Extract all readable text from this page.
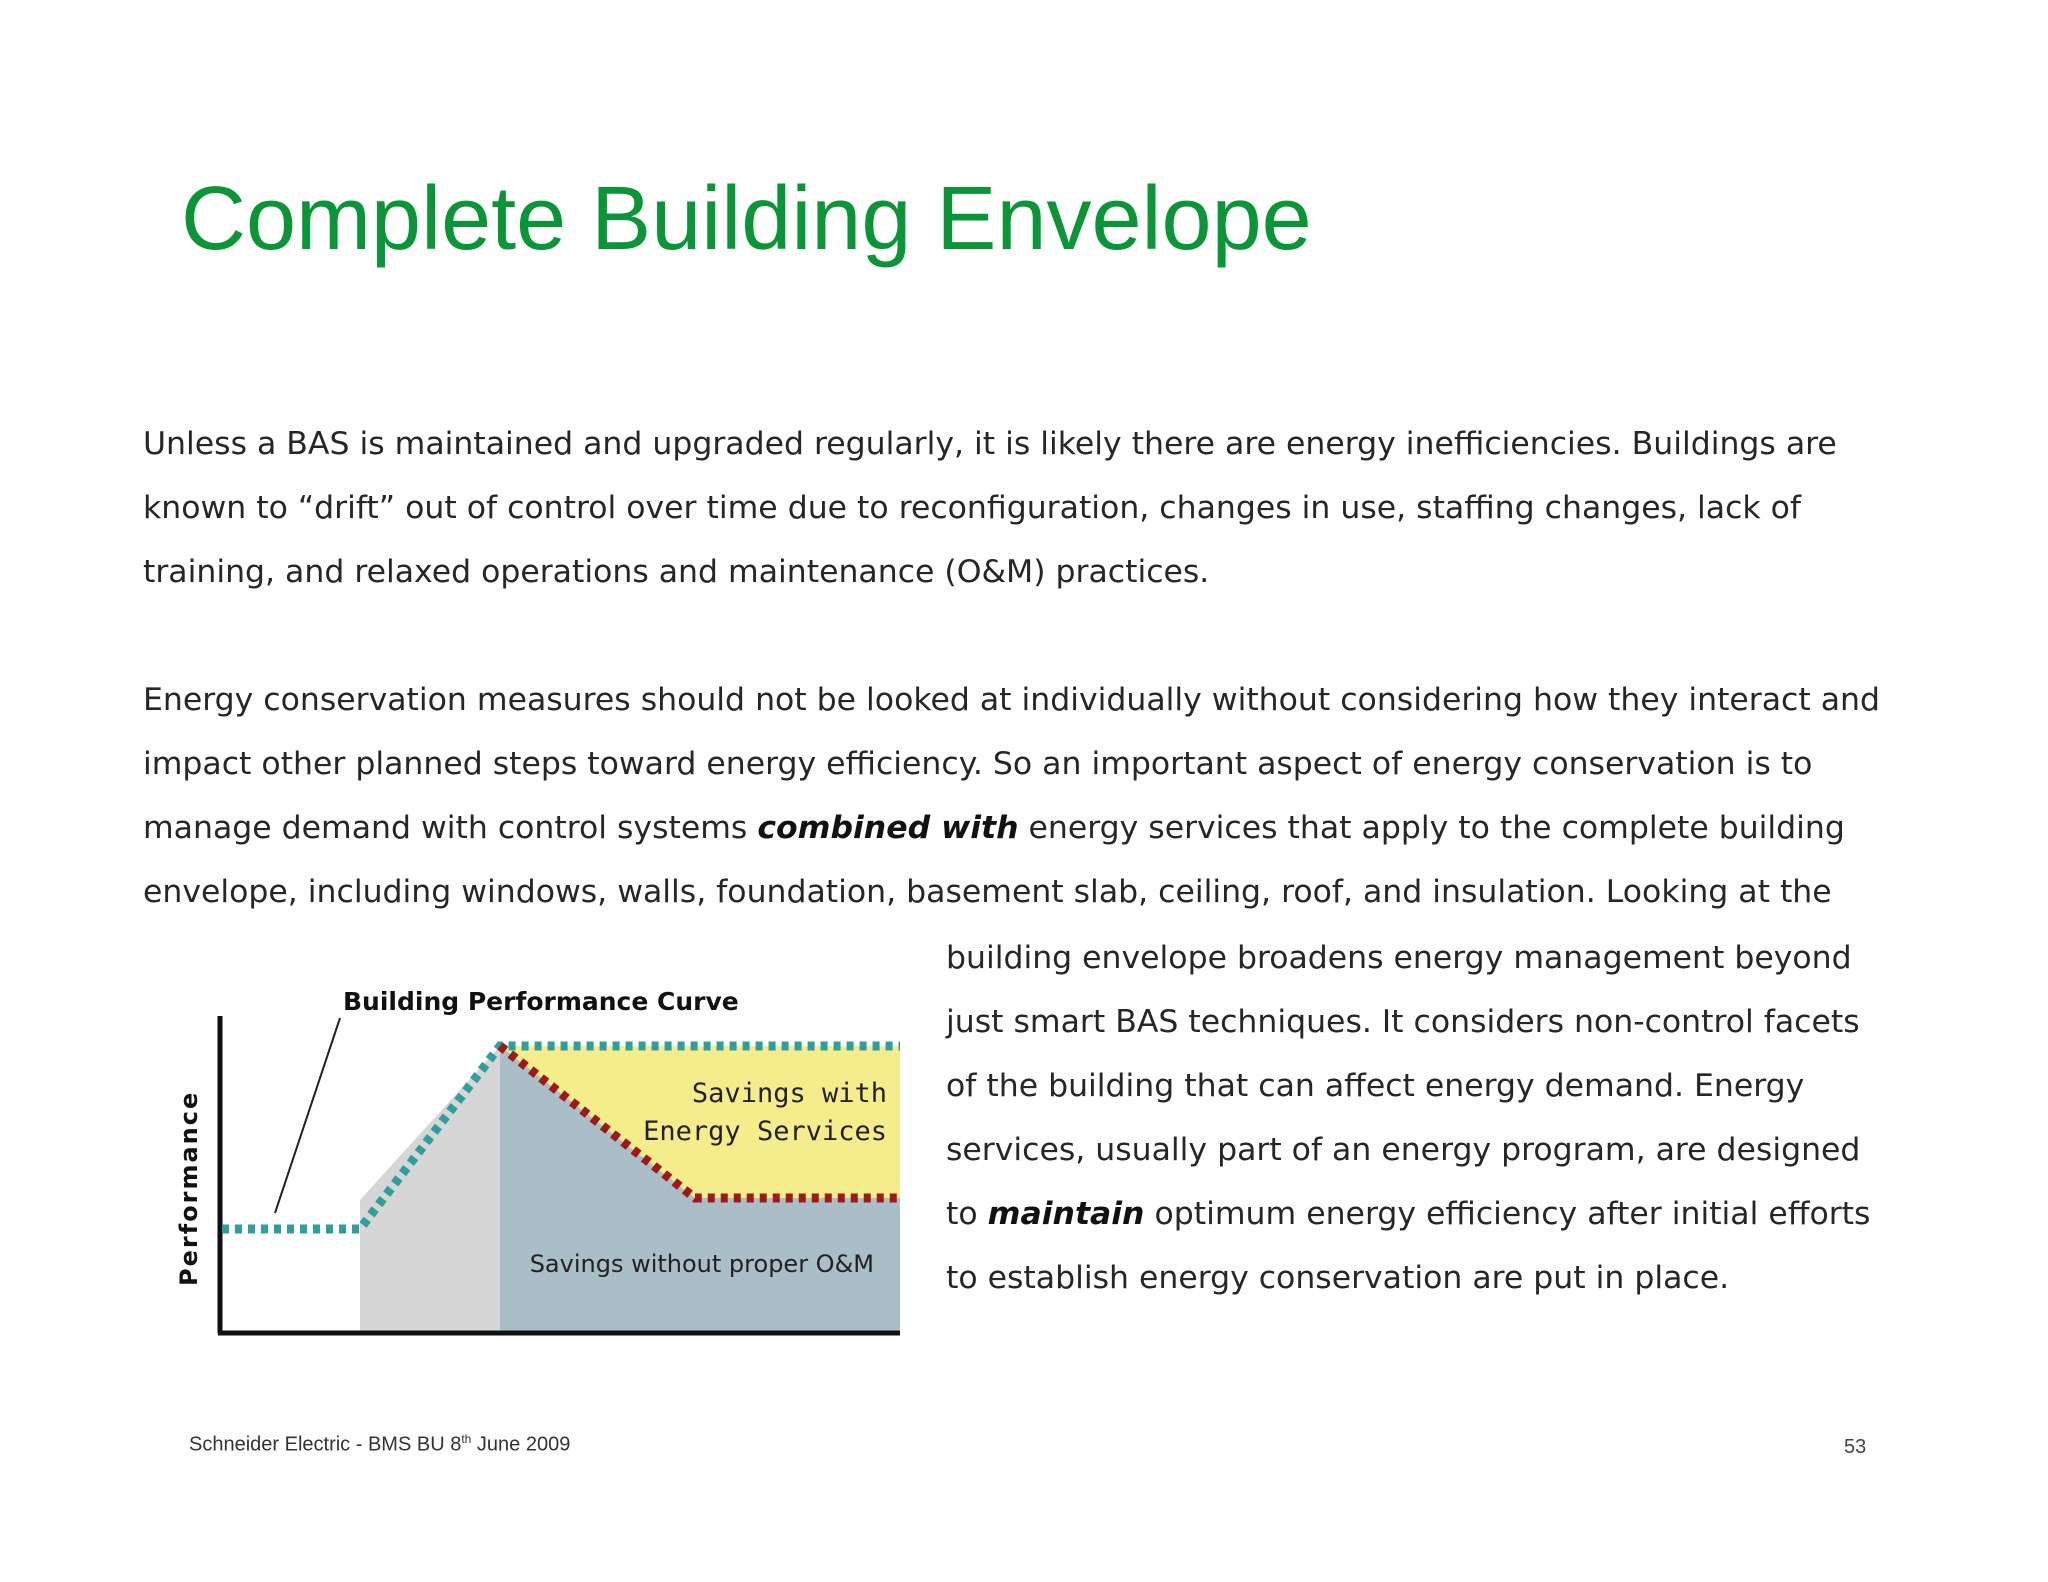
Complete Building Envelope
Unless a BAS is maintained and upgraded regularly, it is likely there are energy inefficiencies. Buildings are
known to “drift” out of control over time due to reconfiguration, changes in use, staffing changes, lack of
training, and relaxed operations and maintenance (O&M) practices.
Energy conservation measures should not be looked at individually without considering how they interact and
impact other planned steps toward energy efficiency. So an important aspect of energy conservation is to
manage demand with control systems combined with energy services that apply to the complete building
envelope, including windows, walls, foundation, basement slab, ceiling, roof, and insulation. Looking at the
building envelope broadens energy management beyond
just smart BAS techniques. It considers non-control facets
of the building that can affect energy demand. Energy
services, usually part of an energy program, are designed
to maintain optimum energy efficiency after initial efforts
to establish energy conservation are put in place.
Building Performance Curve
Performance	Savings with
Energy Services
Savings without proper O&M
Schneider Electric - BMS BU 8th June 2009	53
